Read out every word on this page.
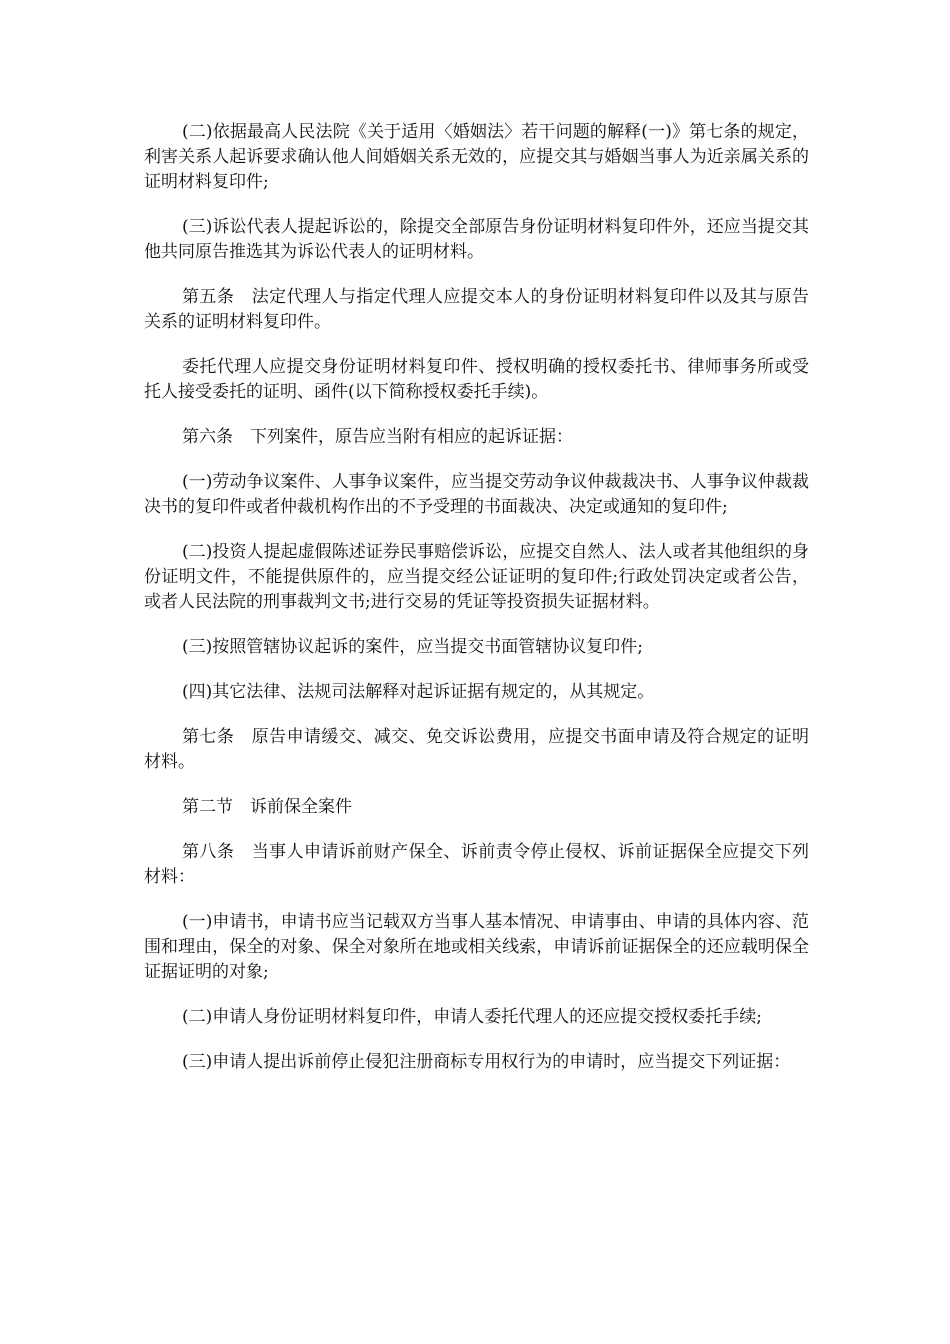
(二)依据最高人民法院《关于适用〈婚姻法〉若干问题的解释(一)》第七条的规定，利害关系人起诉要求确认他人间婚姻关系无效的，应提交其与婚姻当事人为近亲属关系的证明材料复印件;

(三)诉讼代表人提起诉讼的，除提交全部原告身份证明材料复印件外，还应当提交其他共同原告推选其为诉讼代表人的证明材料。

第五条　法定代理人与指定代理人应提交本人的身份证明材料复印件以及其与原告关系的证明材料复印件。

委托代理人应提交身份证明材料复印件、授权明确的授权委托书、律师事务所或受托人接受委托的证明、函件(以下简称授权委托手续)。

第六条　下列案件，原告应当附有相应的起诉证据：

(一)劳动争议案件、人事争议案件，应当提交劳动争议仲裁裁决书、人事争议仲裁裁决书的复印件或者仲裁机构作出的不予受理的书面裁决、决定或通知的复印件;

(二)投资人提起虚假陈述证券民事赔偿诉讼，应提交自然人、法人或者其他组织的身份证明文件，不能提供原件的，应当提交经公证证明的复印件;行政处罚决定或者公告，或者人民法院的刑事裁判文书;进行交易的凭证等投资损失证据材料。

(三)按照管辖协议起诉的案件，应当提交书面管辖协议复印件;

(四)其它法律、法规司法解释对起诉证据有规定的，从其规定。

第七条　原告申请缓交、减交、免交诉讼费用，应提交书面申请及符合规定的证明材料。

第二节　诉前保全案件

第八条　当事人申请诉前财产保全、诉前责令停止侵权、诉前证据保全应提交下列材料：

(一)申请书，申请书应当记载双方当事人基本情况、申请事由、申请的具体内容、范围和理由，保全的对象、保全对象所在地或相关线索，申请诉前证据保全的还应载明保全证据证明的对象;

(二)申请人身份证明材料复印件，申请人委托代理人的还应提交授权委托手续;

(三)申请人提出诉前停止侵犯注册商标专用权行为的申请时，应当提交下列证据：
